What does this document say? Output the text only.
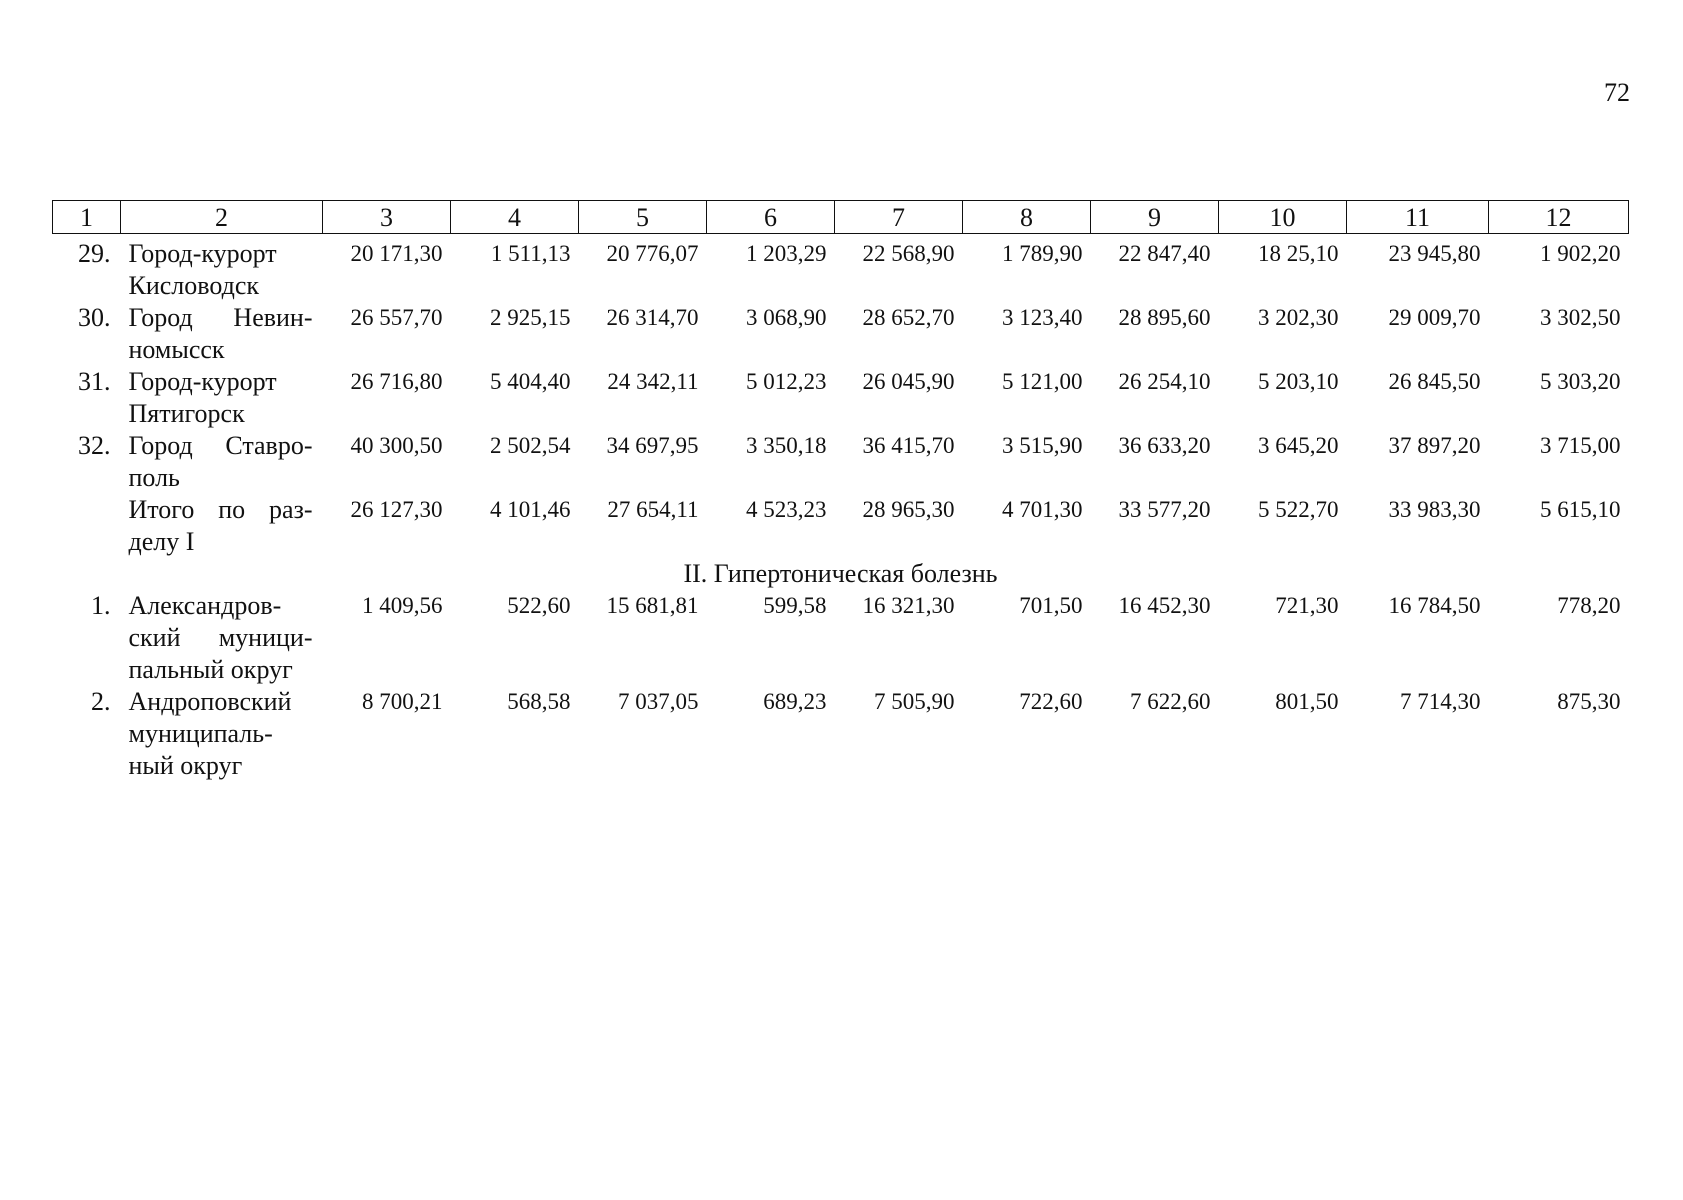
72
1	2	3	4	5	6	7	8	9	10	11	12
29.	Город-курорт Кисловодск	20 171,30	1 511,13	20 776,07	1 203,29	22 568,90	1 789,90	22 847,40	18 25,10	23 945,80	1 902,20
30.	Город Невин-номысск	26 557,70	2 925,15	26 314,70	3 068,90	28 652,70	3 123,40	28 895,60	3 202,30	29 009,70	3 302,50
31.	Город-курорт Пятигорск	26 716,80	5 404,40	24 342,11	5 012,23	26 045,90	5 121,00	26 254,10	5 203,10	26 845,50	5 303,20
32.	Город Ставро-поль	40 300,50	2 502,54	34 697,95	3 350,18	36 415,70	3 515,90	36 633,20	3 645,20	37 897,20	3 715,00
	Итого по раз-делу I	26 127,30	4 101,46	27 654,11	4 523,23	28 965,30	4 701,30	33 577,20	5 522,70	33 983,30	5 615,10
II. Гипертоническая болезнь											
1.	Александров-ский муници-пальный округ	1 409,56	522,60	15 681,81	599,58	16 321,30	701,50	16 452,30	721,30	16 784,50	778,20
2.	Андроповский муниципаль-ный округ	8 700,21	568,58	7 037,05	689,23	7 505,90	722,60	7 622,60	801,50	7 714,30	875,30
